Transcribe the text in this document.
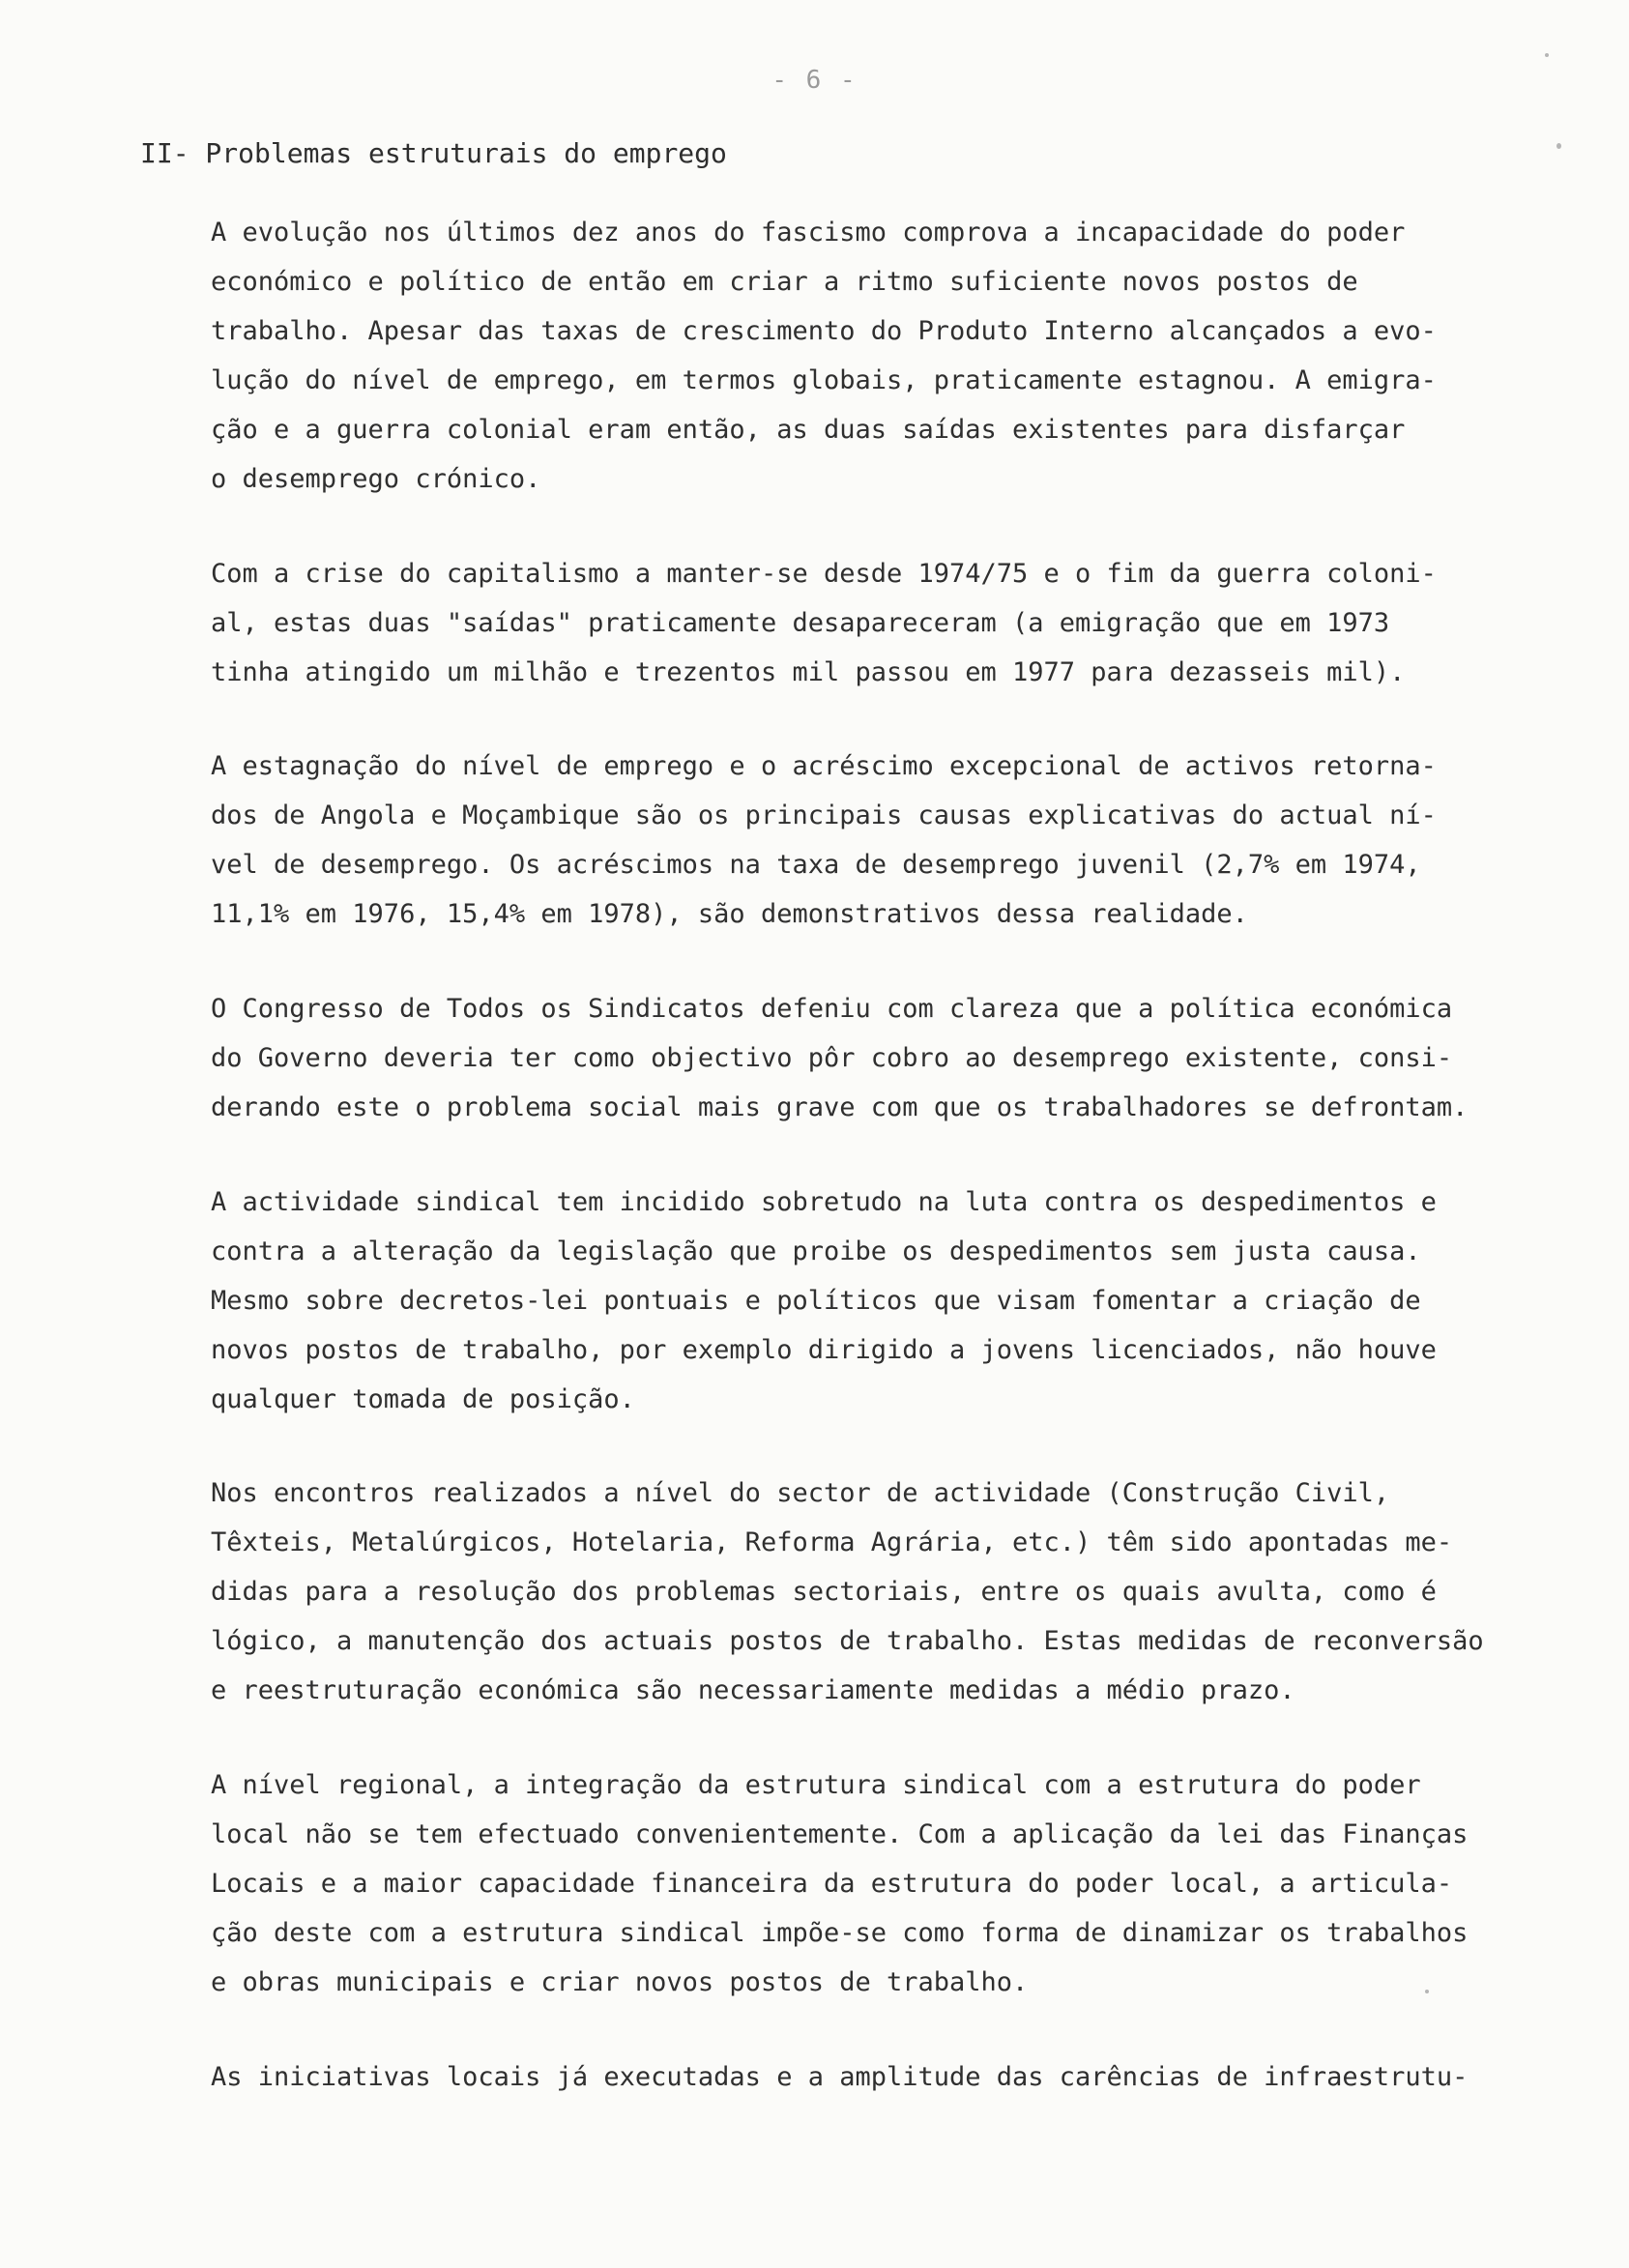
- 6 -
II- Problemas estruturais do emprego

A evolução nos últimos dez anos do fascismo comprova a incapacidade do poder

económico e político de então em criar a ritmo suficiente novos postos de

trabalho. Apesar das taxas de crescimento do Produto Interno alcançados a evo-

lução do nível de emprego, em termos globais, praticamente estagnou. A emigra-

ção e a guerra colonial eram então, as duas saídas existentes para disfarçar

o desemprego crónico.

Com a crise do capitalismo a manter-se desde 1974/75 e o fim da guerra coloni-

al, estas duas "saídas" praticamente desapareceram (a emigração que em 1973

tinha atingido um milhão e trezentos mil passou em 1977 para dezasseis mil).

A estagnação do nível de emprego e o acréscimo excepcional de activos retorna-

dos de Angola e Moçambique são os principais causas explicativas do actual ní-

vel de desemprego. Os acréscimos na taxa de desemprego juvenil (2,7% em 1974,

11,1% em 1976, 15,4% em 1978), são demonstrativos dessa realidade.

O Congresso de Todos os Sindicatos defeniu com clareza que a política económica

do Governo deveria ter como objectivo pôr cobro ao desemprego existente, consi-

derando este o problema social mais grave com que os trabalhadores se defrontam.

A actividade sindical tem incidido sobretudo na luta contra os despedimentos e

contra a alteração da legislação que proibe os despedimentos sem justa causa.

Mesmo sobre decretos-lei pontuais e políticos que visam fomentar a criação de

novos postos de trabalho, por exemplo dirigido a jovens licenciados, não houve

qualquer tomada de posição.

Nos encontros realizados a nível do sector de actividade (Construção Civil,

Têxteis, Metalúrgicos, Hotelaria, Reforma Agrária, etc.) têm sido apontadas me-

didas para a resolução dos problemas sectoriais, entre os quais avulta, como é

lógico, a manutenção dos actuais postos de trabalho. Estas medidas de reconversão

e reestruturação económica são necessariamente medidas a médio prazo.

A nível regional, a integração da estrutura sindical com a estrutura do poder

local não se tem efectuado convenientemente. Com a aplicação da lei das Finanças

Locais e a maior capacidade financeira da estrutura do poder local, a articula-

ção deste com a estrutura sindical impõe-se como forma de dinamizar os trabalhos

e obras municipais e criar novos postos de trabalho.

As iniciativas locais já executadas e a amplitude das carências de infraestrutu-
